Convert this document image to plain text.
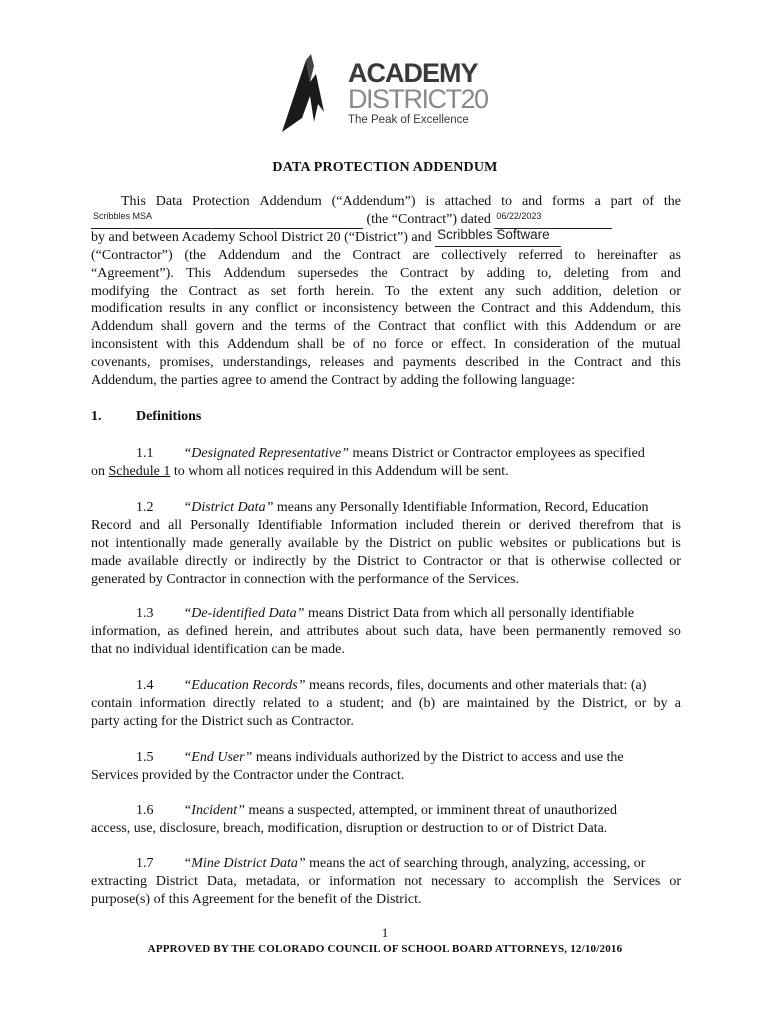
ACADEMY
DISTRICT20
The Peak of Excellence
DATA PROTECTION ADDENDUM
This Data Protection Addendum (“Addendum”) is attached to and forms a part of the
Scribbles MSA	(the “Contract”) dated 06/22/2023
by and between Academy School District 20 (“District”) and Scribbles Software
(“Contractor”) (the Addendum and the Contract are collectively referred to hereinafter as
“Agreement”). This Addendum supersedes the Contract by adding to, deleting from and
modifying the Contract as set forth herein. To the extent any such addition, deletion or
modification results in any conflict or inconsistency between the Contract and this Addendum, this
Addendum shall govern and the terms of the Contract that conflict with this Addendum or are
inconsistent with this Addendum shall be of no force or effect. In consideration of the mutual
covenants, promises, understandings, releases and payments described in the Contract and this
Addendum, the parties agree to amend the Contract by adding the following language:
1. Definitions
1.1 “Designated Representative” means District or Contractor employees as specified
on Schedule 1 to whom all notices required in this Addendum will be sent.
1.2 “District Data” means any Personally Identifiable Information, Record, Education
Record and all Personally Identifiable Information included therein or derived therefrom that is
not intentionally made generally available by the District on public websites or publications but is
made available directly or indirectly by the District to Contractor or that is otherwise collected or
generated by Contractor in connection with the performance of the Services.
1.3 “De-identified Data” means District Data from which all personally identifiable
information, as defined herein, and attributes about such data, have been permanently removed so
that no individual identification can be made.
1.4 “Education Records” means records, files, documents and other materials that: (a)
contain information directly related to a student; and (b) are maintained by the District, or by a
party acting for the District such as Contractor.
1.5 “End User” means individuals authorized by the District to access and use the
Services provided by the Contractor under the Contract.
1.6 “Incident” means a suspected, attempted, or imminent threat of unauthorized
access, use, disclosure, breach, modification, disruption or destruction to or of District Data.
1.7 “Mine District Data” means the act of searching through, analyzing, accessing, or
extracting District Data, metadata, or information not necessary to accomplish the Services or
purpose(s) of this Agreement for the benefit of the District.
1
APPROVED BY THE COLORADO COUNCIL OF SCHOOL BOARD ATTORNEYS, 12/10/2016
